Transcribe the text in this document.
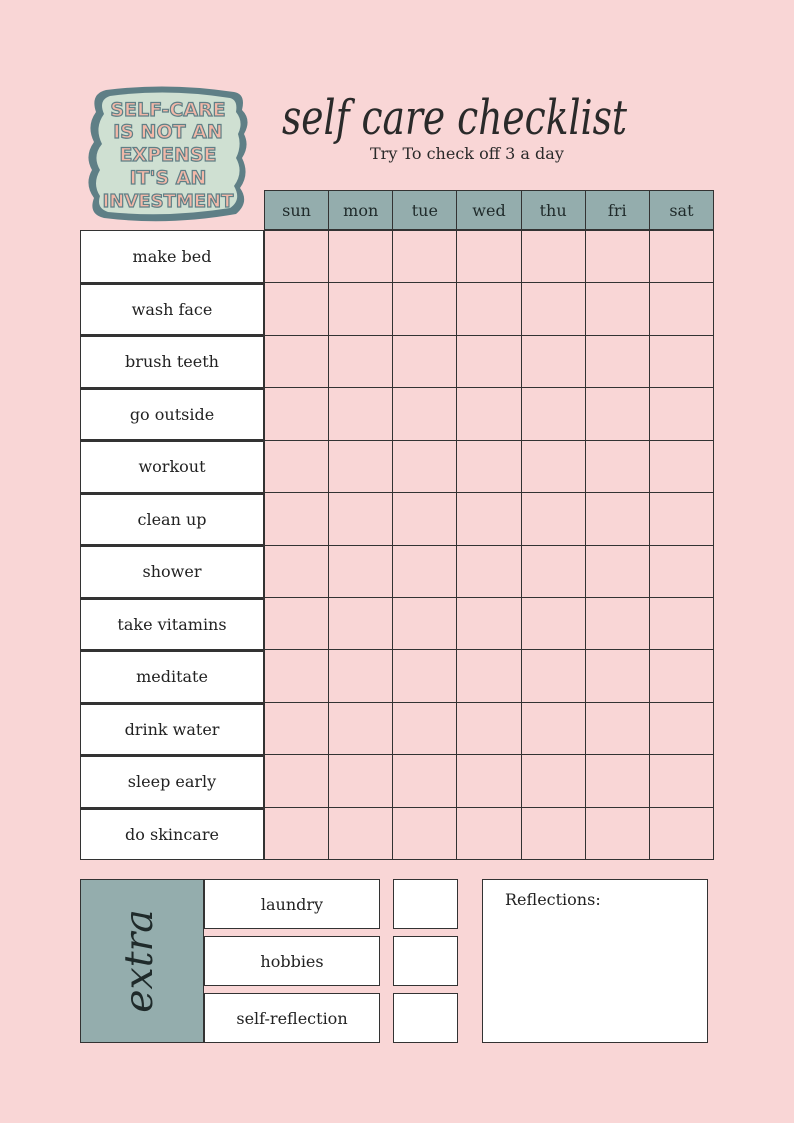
SELF-CARE
IS NOT AN
EXPENSE
IT'S AN
INVESTMENT
self care checklist
Try To check off 3 a day
sun	mon	tue	wed	thu	fri	sat
make bed
wash face
brush teeth
go outside
workout
clean up
shower
take vitamins
meditate
drink water
sleep early
do skincare
extra
laundry
hobbies
self-reflection
Reflections:
